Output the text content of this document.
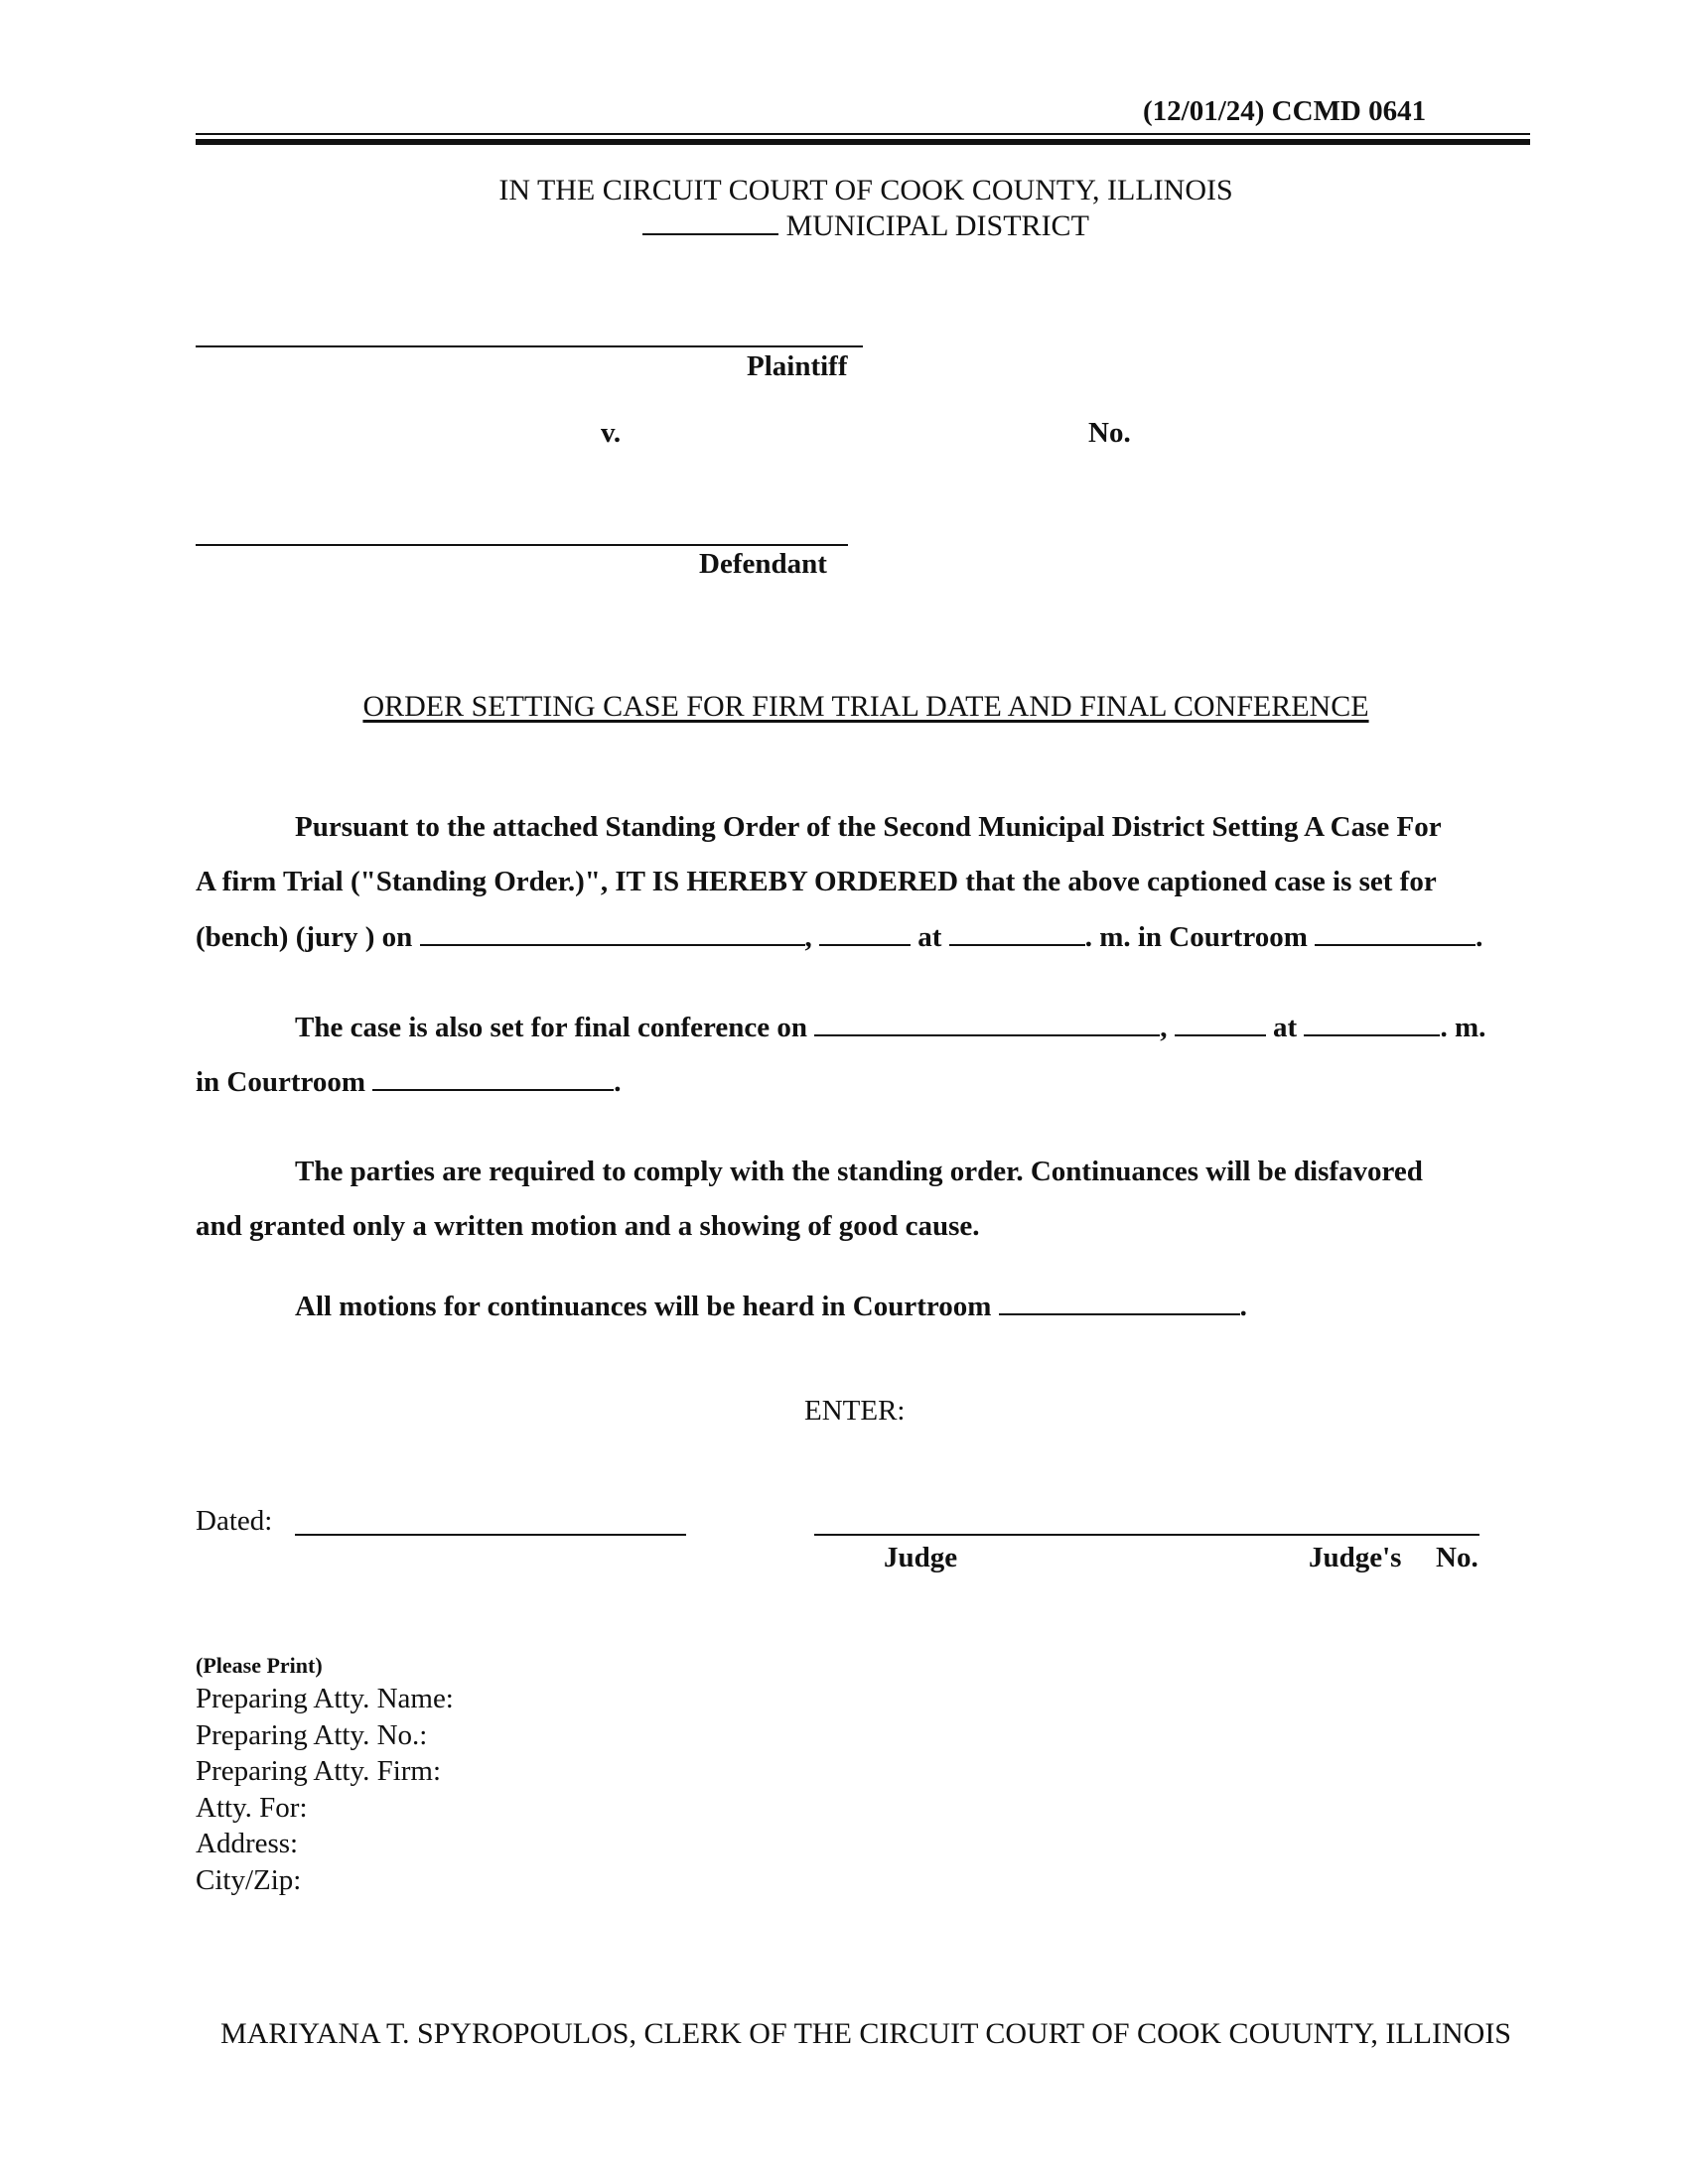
(12/01/24) CCMD 0641
IN THE CIRCUIT COURT OF COOK COUNTY, ILLINOIS
MUNICIPAL DISTRICT
Plaintiff
v.	No.
Defendant
ORDER SETTING CASE FOR FIRM TRIAL DATE AND FINAL CONFERENCE
Pursuant to the attached Standing Order of the Second Municipal District Setting A Case For
A firm Trial ("Standing Order.)", IT IS HEREBY ORDERED that the above captioned case is set for
(bench) (jury ) on	,	at	. m. in Courtroom	.
The case is also set for final conference on	,	at	. m.
in Courtroom	.
The parties are required to comply with the standing order. Continuances will be disfavored
and granted only a written motion and a showing of good cause.
All motions for continuances will be heard in Courtroom	.
ENTER:
Dated:
Judge	Judge's No.
(Please Print)
Preparing Atty. Name:
Preparing Atty. No.:
Preparing Atty. Firm:
Atty. For:
Address:
City/Zip:
MARIYANA T. SPYROPOULOS, CLERK OF THE CIRCUIT COURT OF COOK COUUNTY, ILLINOIS
